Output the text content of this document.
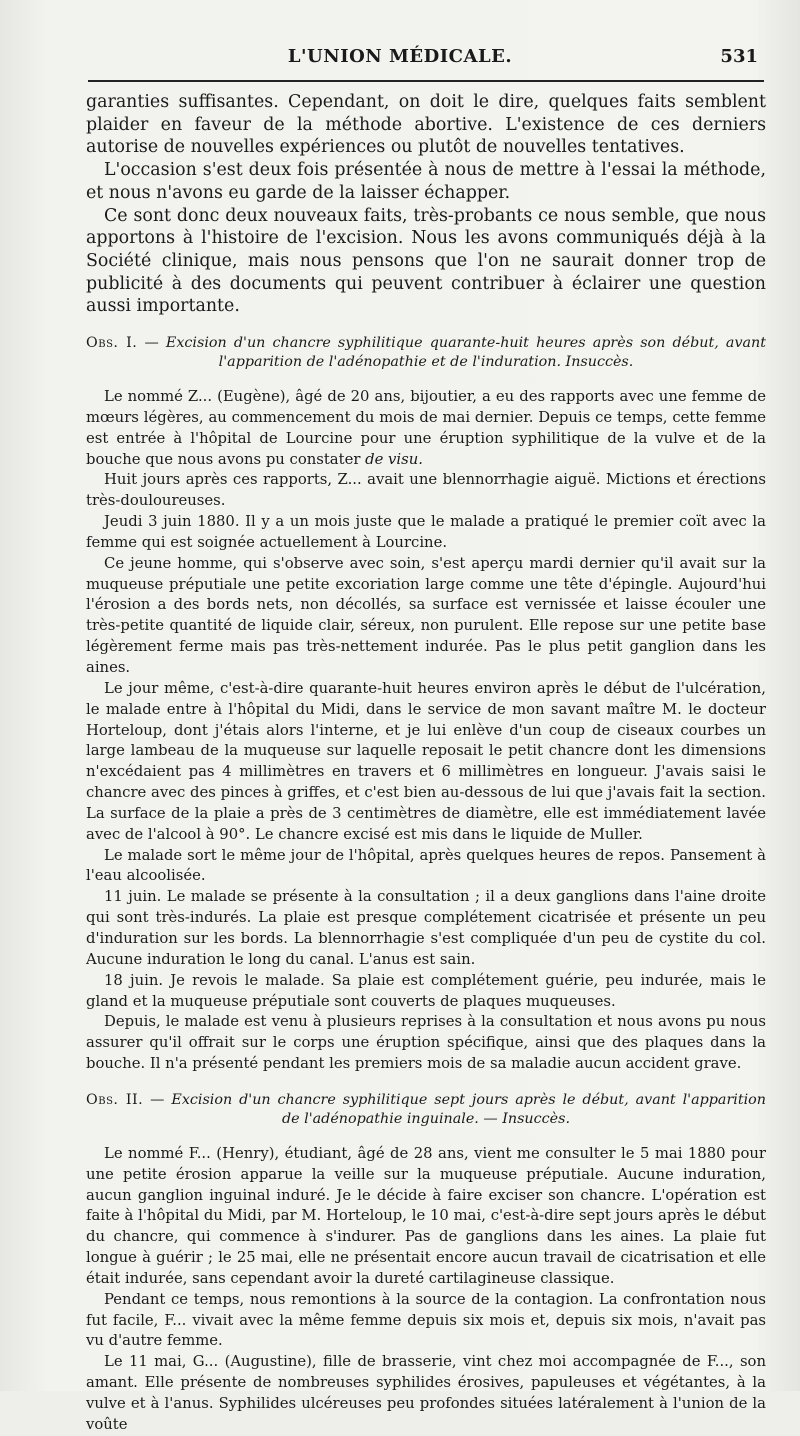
L'UNION MÉDICALE.	531

garanties suffisantes. Cependant, on doit le dire, quelques faits semblent plaider en faveur de la méthode abortive. L'existence de ces derniers autorise de nouvelles expériences ou plutôt de nouvelles tentatives.

L'occasion s'est deux fois présentée à nous de mettre à l'essai la méthode, et nous n'avons eu garde de la laisser échapper.

Ce sont donc deux nouveaux faits, très-probants ce nous semble, que nous apportons à l'histoire de l'excision. Nous les avons communiqués déjà à la Société clinique, mais nous pensons que l'on ne saurait donner trop de publicité à des documents qui peuvent contribuer à éclairer une question aussi importante.

Obs. I. — Excision d'un chancre syphilitique quarante-huit heures après son début, avant
l'apparition de l'adénopathie et de l'induration. Insuccès.

Le nommé Z... (Eugène), âgé de 20 ans, bijoutier, a eu des rapports avec une femme de mœurs légères, au commencement du mois de mai dernier. Depuis ce temps, cette femme est entrée à l'hôpital de Lourcine pour une éruption syphilitique de la vulve et de la bouche que nous avons pu constater de visu.

Huit jours après ces rapports, Z... avait une blennorrhagie aiguë. Mictions et érections très-douloureuses.

Jeudi 3 juin 1880. Il y a un mois juste que le malade a pratiqué le premier coït avec la femme qui est soignée actuellement à Lourcine.

Ce jeune homme, qui s'observe avec soin, s'est aperçu mardi dernier qu'il avait sur la muqueuse préputiale une petite excoriation large comme une tête d'épingle. Aujourd'hui l'érosion a des bords nets, non décollés, sa surface est vernissée et laisse écouler une très-petite quantité de liquide clair, séreux, non purulent. Elle repose sur une petite base légèrement ferme mais pas très-nettement indurée. Pas le plus petit ganglion dans les aines.

Le jour même, c'est-à-dire quarante-huit heures environ après le début de l'ulcération, le malade entre à l'hôpital du Midi, dans le service de mon savant maître M. le docteur Horteloup, dont j'étais alors l'interne, et je lui enlève d'un coup de ciseaux courbes un large lambeau de la muqueuse sur laquelle reposait le petit chancre dont les dimensions n'excédaient pas 4 millimètres en travers et 6 millimètres en longueur. J'avais saisi le chancre avec des pinces à griffes, et c'est bien au-dessous de lui que j'avais fait la section. La surface de la plaie a près de 3 centimètres de diamètre, elle est immédiatement lavée avec de l'alcool à 90°. Le chancre excisé est mis dans le liquide de Muller.

Le malade sort le même jour de l'hôpital, après quelques heures de repos. Pansement à l'eau alcoolisée.

11 juin. Le malade se présente à la consultation ; il a deux ganglions dans l'aine droite qui sont très-indurés. La plaie est presque complétement cicatrisée et présente un peu d'induration sur les bords. La blennorrhagie s'est compliquée d'un peu de cystite du col. Aucune induration le long du canal. L'anus est sain.

18 juin. Je revois le malade. Sa plaie est complétement guérie, peu indurée, mais le gland et la muqueuse préputiale sont couverts de plaques muqueuses.

Depuis, le malade est venu à plusieurs reprises à la consultation et nous avons pu nous assurer qu'il offrait sur le corps une éruption spécifique, ainsi que des plaques dans la bouche. Il n'a présenté pendant les premiers mois de sa maladie aucun accident grave.

Obs. II. — Excision d'un chancre syphilitique sept jours après le début, avant l'apparition
de l'adénopathie inguinale. — Insuccès.

Le nommé F... (Henry), étudiant, âgé de 28 ans, vient me consulter le 5 mai 1880 pour une petite érosion apparue la veille sur la muqueuse préputiale. Aucune induration, aucun ganglion inguinal induré. Je le décide à faire exciser son chancre. L'opération est faite à l'hôpital du Midi, par M. Horteloup, le 10 mai, c'est-à-dire sept jours après le début du chancre, qui commence à s'indurer. Pas de ganglions dans les aines. La plaie fut longue à guérir ; le 25 mai, elle ne présentait encore aucun travail de cicatrisation et elle était indurée, sans cependant avoir la dureté cartilagineuse classique.

Pendant ce temps, nous remontions à la source de la contagion. La confrontation nous fut facile, F... vivait avec la même femme depuis six mois et, depuis six mois, n'avait pas vu d'autre femme.

Le 11 mai, G... (Augustine), fille de brasserie, vint chez moi accompagnée de F..., son amant. Elle présente de nombreuses syphilides érosives, papuleuses et végétantes, à la vulve et à l'anus. Syphilides ulcéreuses peu profondes situées latéralement à l'union de la voûte
